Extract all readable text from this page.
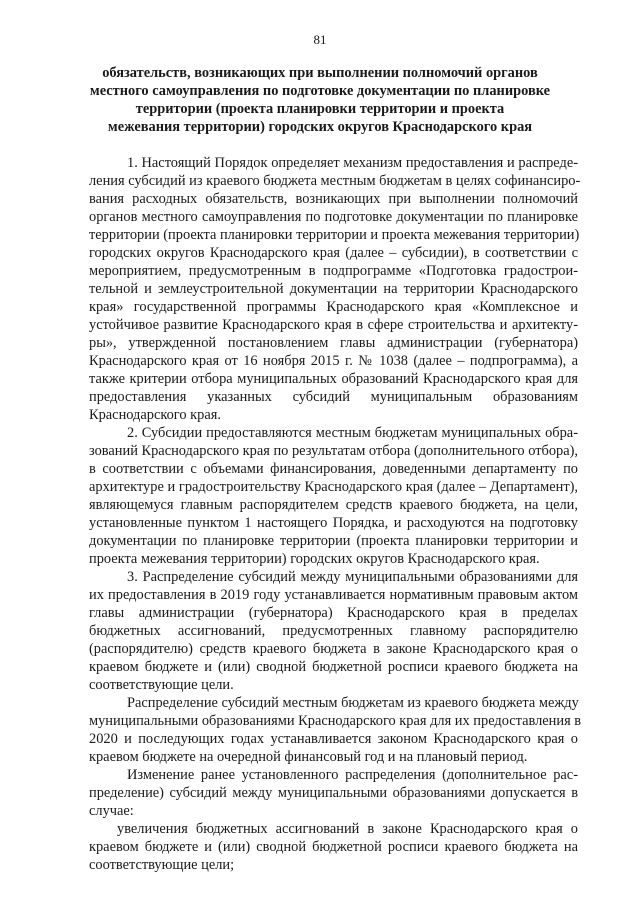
81
обязательств, возникающих при выполнении полномочий органов
местного самоуправления по подготовке документации по планировке
территории (проекта планировки территории и проекта
межевания территории) городских округов Краснодарского края
1. Настоящий Порядок определяет механизм предоставления и распреде-
ления субсидий из краевого бюджета местным бюджетам в целях софинансиро-
вания расходных обязательств, возникающих при выполнении полномочий
органов местного самоуправления по подготовке документации по планировке
территории (проекта планировки территории и проекта межевания территории)
городских округов Краснодарского края (далее – субсидии), в соответствии с
мероприятием, предусмотренным в подпрограмме «Подготовка градострои-
тельной и землеустроительной документации на территории Краснодарского
края» государственной программы Краснодарского края «Комплексное и
устойчивое развитие Краснодарского края в сфере строительства и архитекту-
ры», утвержденной постановлением главы администрации (губернатора)
Краснодарского края от 16 ноября 2015 г. № 1038 (далее – подпрограмма), а
также критерии отбора муниципальных образований Краснодарского края для
предоставления указанных субсидий муниципальным образованиям
Краснодарского края.
2. Субсидии предоставляются местным бюджетам муниципальных обра-
зований Краснодарского края по результатам отбора (дополнительного отбора),
в соответствии с объемами финансирования, доведенными департаменту по
архитектуре и градостроительству Краснодарского края (далее – Департамент),
являющемуся главным распорядителем средств краевого бюджета, на цели,
установленные пунктом 1 настоящего Порядка, и расходуются на подготовку
документации по планировке территории (проекта планировки территории и
проекта межевания территории) городских округов Краснодарского края.
3. Распределение субсидий между муниципальными образованиями для
их предоставления в 2019 году устанавливается нормативным правовым актом
главы администрации (губернатора) Краснодарского края в пределах
бюджетных ассигнований, предусмотренных главному распорядителю
(распорядителю) средств краевого бюджета в законе Краснодарского края о
краевом бюджете и (или) сводной бюджетной росписи краевого бюджета на
соответствующие цели.
Распределение субсидий местным бюджетам из краевого бюджета между
муниципальными образованиями Краснодарского края для их предоставления в
2020 и последующих годах устанавливается законом Краснодарского края о
краевом бюджете на очередной финансовый год и на плановый период.
Изменение ранее установленного распределения (дополнительное рас-
пределение) субсидий между муниципальными образованиями допускается в
случае:
увеличения бюджетных ассигнований в законе Краснодарского края о
краевом бюджете и (или) сводной бюджетной росписи краевого бюджета на
соответствующие цели;
